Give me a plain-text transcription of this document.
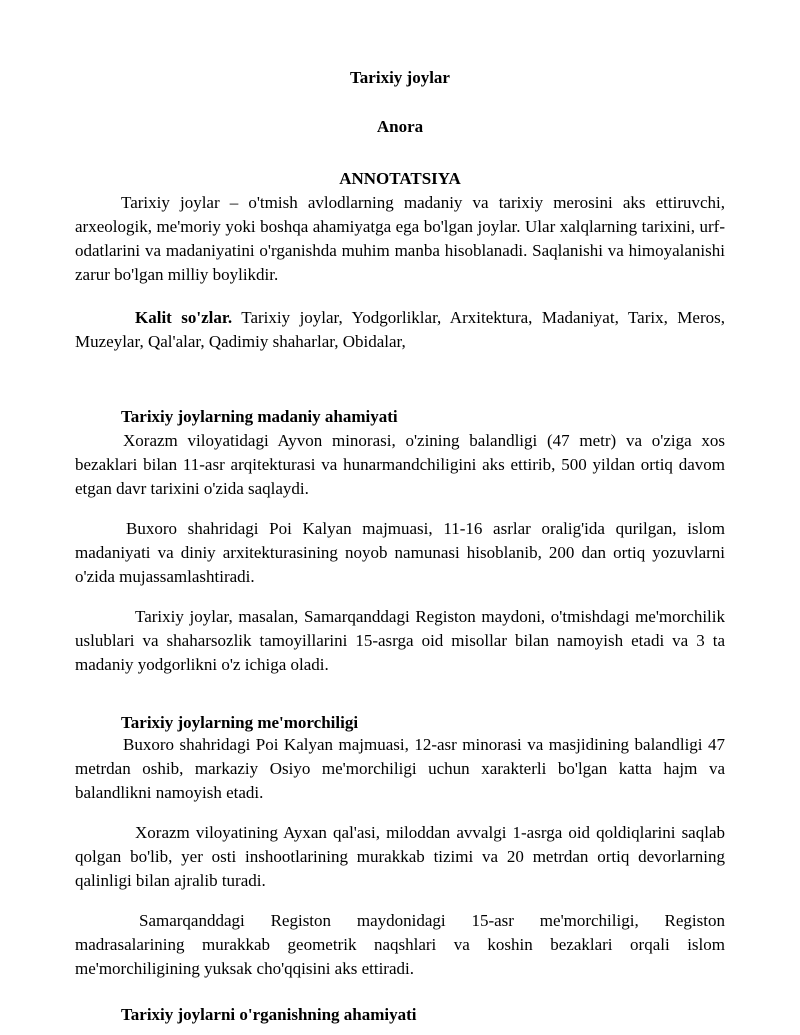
Tarixiy joylar
Anora
ANNOTATSIYA

Tarixiy joylar – o'tmish avlodlarning madaniy va tarixiy merosini aks ettiruvchi, arxeologik, me'moriy yoki boshqa ahamiyatga ega bo'lgan joylar. Ular xalqlarning tarixini, urf-odatlarini va madaniyatini o'rganishda muhim manba hisoblanadi. Saqlanishi va himoyalanishi zarur bo'lgan milliy boylikdir.

Kalit so'zlar. Tarixiy joylar, Yodgorliklar, Arxitektura, Madaniyat, Tarix, Meros, Muzeylar, Qal'alar, Qadimiy shaharlar, Obidalar,

Tarixiy joylarning madaniy ahamiyati

Xorazm viloyatidagi Ayvon minorasi, o'zining balandligi (47 metr) va o'ziga xos bezaklari bilan 11-asr arqitekturasi va hunarmandchiligini aks ettirib, 500 yildan ortiq davom etgan davr tarixini o'zida saqlaydi.

Buxoro shahridagi Poi Kalyan majmuasi, 11-16 asrlar oralig'ida qurilgan, islom madaniyati va diniy arxitekturasining noyob namunasi hisoblanib, 200 dan ortiq yozuvlarni o'zida mujassamlashtiradi.

Tarixiy joylar, masalan, Samarqanddagi Registon maydoni, o'tmishdagi me'morchilik uslublari va shaharsozlik tamoyillarini 15-asrga oid misollar bilan namoyish etadi va 3 ta madaniy yodgorlikni o'z ichiga oladi.

Tarixiy joylarning me'morchiligi

Buxoro shahridagi Poi Kalyan majmuasi, 12-asr minorasi va masjidining balandligi 47 metrdan oshib, markaziy Osiyo me'morchiligi uchun xarakterli bo'lgan katta hajm va balandlikni namoyish etadi.

Xorazm viloyatining Ayxan qal'asi, miloddan avvalgi 1-asrga oid qoldiqlarini saqlab qolgan bo'lib, yer osti inshootlarining murakkab tizimi va 20 metrdan ortiq devorlarning qalinligi bilan ajralib turadi.

Samarqanddagi Registon maydonidagi 15-asr me'morchiligi, Registon madrasalarining murakkab geometrik naqshlari va koshin bezaklari orqali islom me'morchiligining yuksak cho'qqisini aks ettiradi.

Tarixiy joylarni o'rganishning ahamiyati
